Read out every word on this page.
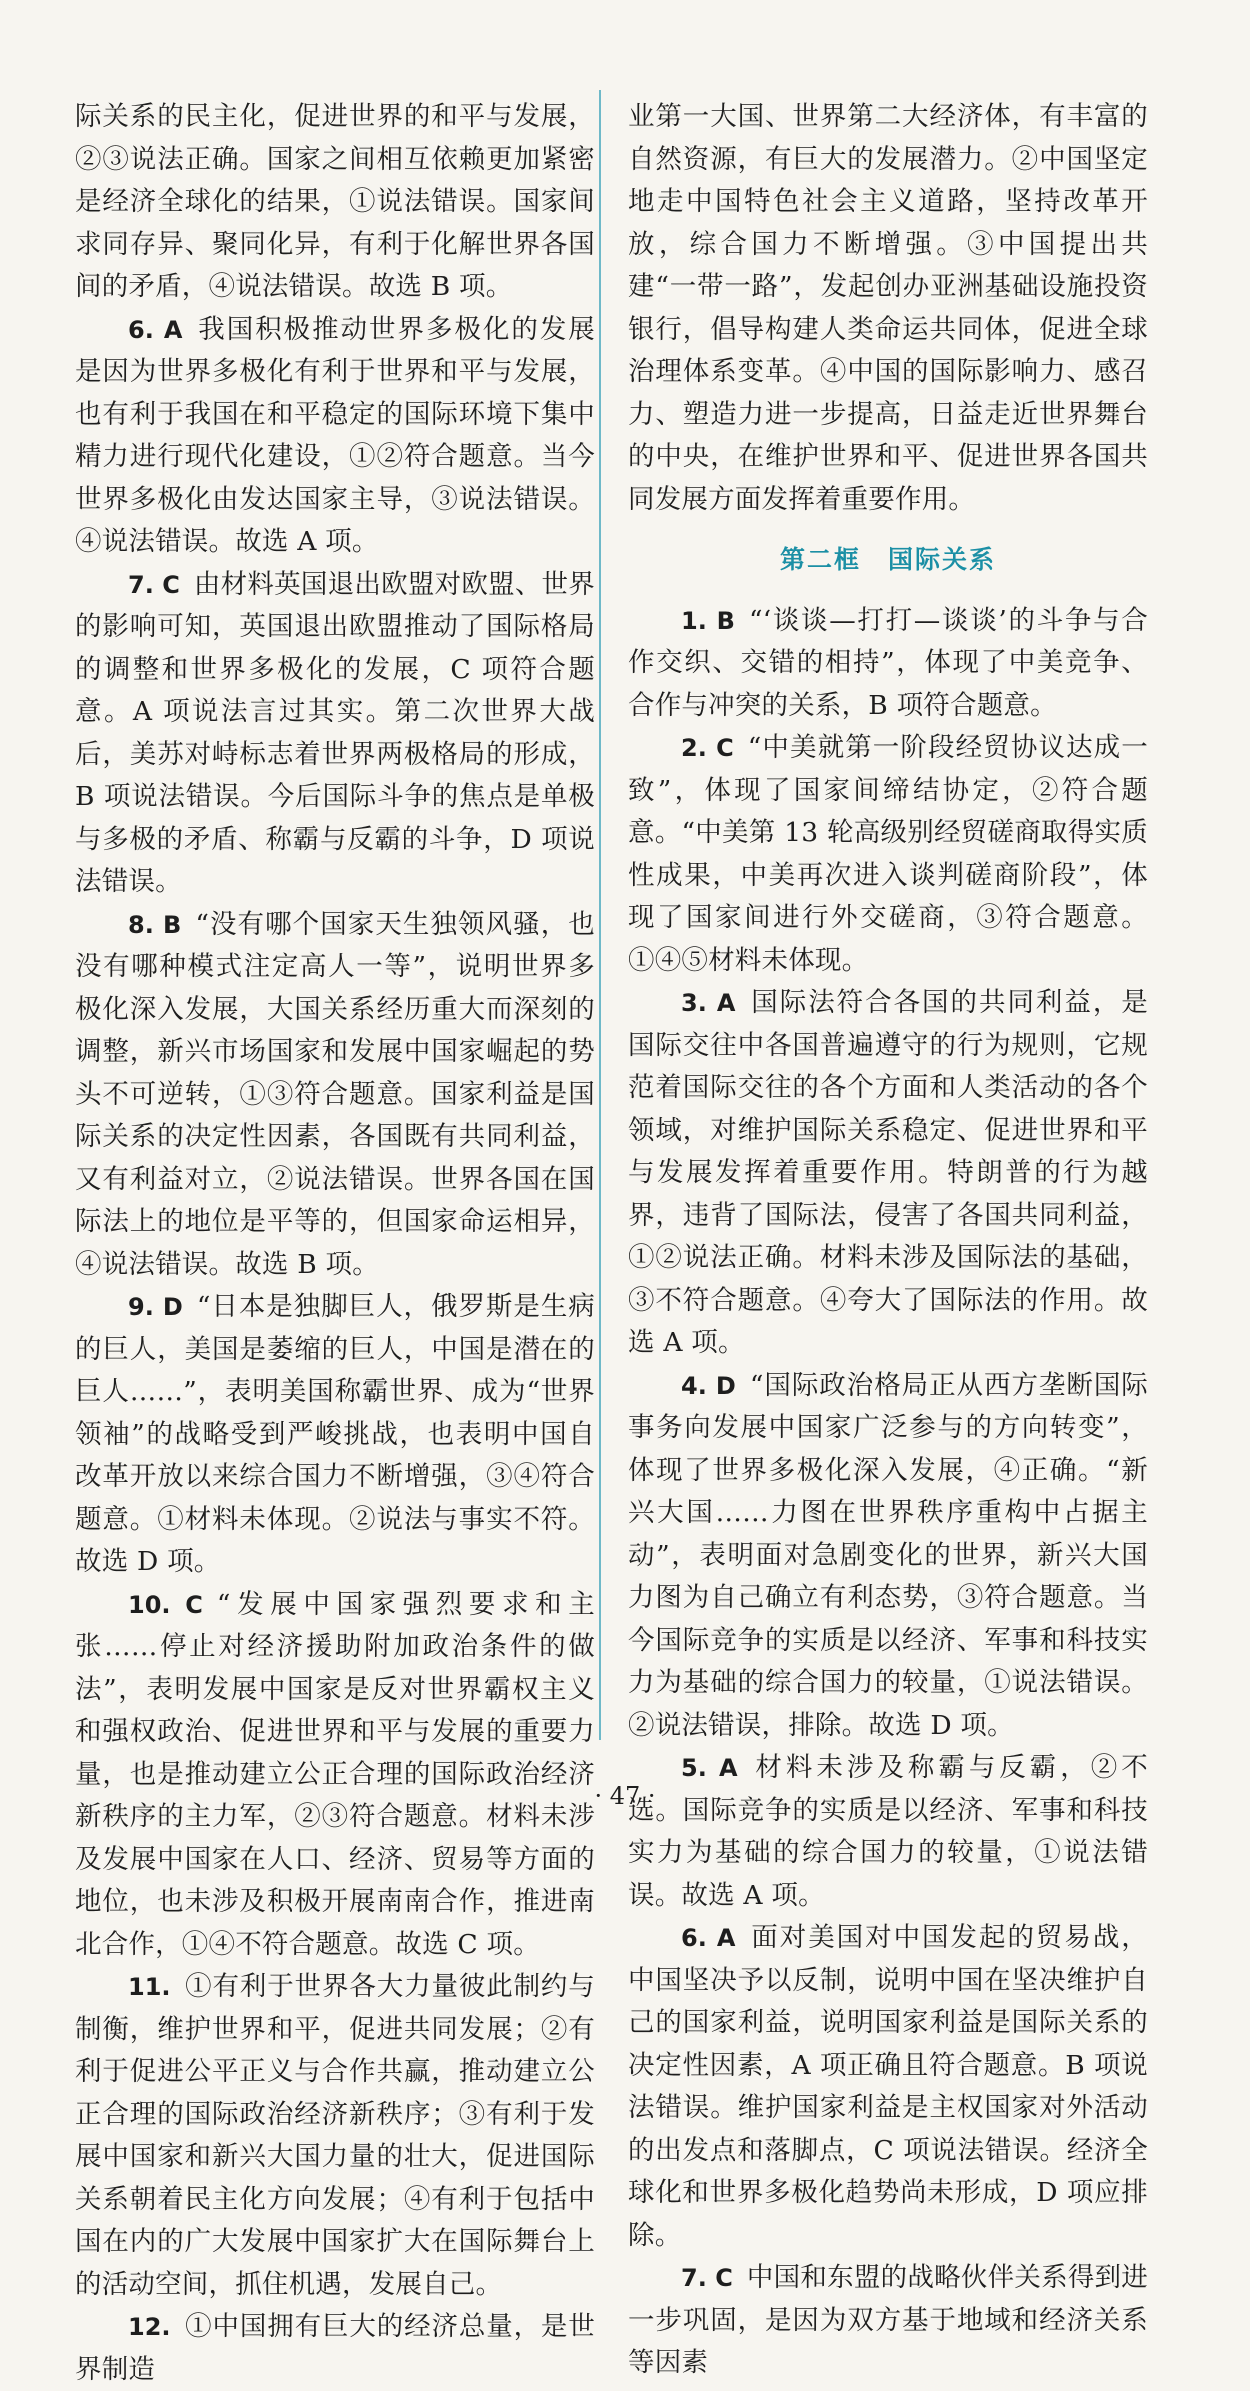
际关系的民主化，促进世界的和平与发展，②③说法正确。国家之间相互依赖更加紧密是经济全球化的结果，①说法错误。国家间求同存异、聚同化异，有利于化解世界各国间的矛盾，④说法错误。故选 B 项。

6. A 我国积极推动世界多极化的发展是因为世界多极化有利于世界和平与发展，也有利于我国在和平稳定的国际环境下集中精力进行现代化建设，①②符合题意。当今世界多极化由发达国家主导，③说法错误。④说法错误。故选 A 项。

7. C 由材料英国退出欧盟对欧盟、世界的影响可知，英国退出欧盟推动了国际格局的调整和世界多极化的发展，C 项符合题意。A 项说法言过其实。第二次世界大战后，美苏对峙标志着世界两极格局的形成，B 项说法错误。今后国际斗争的焦点是单极与多极的矛盾、称霸与反霸的斗争，D 项说法错误。

8. B “没有哪个国家天生独领风骚，也没有哪种模式注定高人一等”，说明世界多极化深入发展，大国关系经历重大而深刻的调整，新兴市场国家和发展中国家崛起的势头不可逆转，①③符合题意。国家利益是国际关系的决定性因素，各国既有共同利益，又有利益对立，②说法错误。世界各国在国际法上的地位是平等的，但国家命运相异，④说法错误。故选 B 项。

9. D “日本是独脚巨人，俄罗斯是生病的巨人，美国是萎缩的巨人，中国是潜在的巨人……”，表明美国称霸世界、成为“世界领袖”的战略受到严峻挑战，也表明中国自改革开放以来综合国力不断增强，③④符合题意。①材料未体现。②说法与事实不符。故选 D 项。

10. C “发展中国家强烈要求和主张……停止对经济援助附加政治条件的做法”，表明发展中国家是反对世界霸权主义和强权政治、促进世界和平与发展的重要力量，也是推动建立公正合理的国际政治经济新秩序的主力军，②③符合题意。材料未涉及发展中国家在人口、经济、贸易等方面的地位，也未涉及积极开展南南合作，推进南北合作，①④不符合题意。故选 C 项。

11. ①有利于世界各大力量彼此制约与制衡，维护世界和平，促进共同发展；②有利于促进公平正义与合作共赢，推动建立公正合理的国际政治经济新秩序；③有利于发展中国家和新兴大国力量的壮大，促进国际关系朝着民主化方向发展；④有利于包括中国在内的广大发展中国家扩大在国际舞台上的活动空间，抓住机遇，发展自己。

12. ①中国拥有巨大的经济总量，是世界制造

业第一大国、世界第二大经济体，有丰富的自然资源，有巨大的发展潜力。②中国坚定地走中国特色社会主义道路，坚持改革开放，综合国力不断增强。③中国提出共建“一带一路”，发起创办亚洲基础设施投资银行，倡导构建人类命运共同体，促进全球治理体系变革。④中国的国际影响力、感召力、塑造力进一步提高，日益走近世界舞台的中央，在维护世界和平、促进世界各国共同发展方面发挥着重要作用。

第二框　国际关系

1. B “‘谈谈—打打—谈谈’的斗争与合作交织、交错的相持”，体现了中美竞争、合作与冲突的关系，B 项符合题意。

2. C “中美就第一阶段经贸协议达成一致”，体现了国家间缔结协定，②符合题意。“中美第 13 轮高级别经贸磋商取得实质性成果，中美再次进入谈判磋商阶段”，体现了国家间进行外交磋商，③符合题意。①④⑤材料未体现。

3. A 国际法符合各国的共同利益，是国际交往中各国普遍遵守的行为规则，它规范着国际交往的各个方面和人类活动的各个领域，对维护国际关系稳定、促进世界和平与发展发挥着重要作用。特朗普的行为越界，违背了国际法，侵害了各国共同利益，①②说法正确。材料未涉及国际法的基础，③不符合题意。④夸大了国际法的作用。故选 A 项。

4. D “国际政治格局正从西方垄断国际事务向发展中国家广泛参与的方向转变”，体现了世界多极化深入发展，④正确。“新兴大国……力图在世界秩序重构中占据主动”，表明面对急剧变化的世界，新兴大国力图为自己确立有利态势，③符合题意。当今国际竞争的实质是以经济、军事和科技实力为基础的综合国力的较量，①说法错误。②说法错误，排除。故选 D 项。

5. A 材料未涉及称霸与反霸，②不选。国际竞争的实质是以经济、军事和科技实力为基础的综合国力的较量，①说法错误。故选 A 项。

6. A 面对美国对中国发起的贸易战，中国坚决予以反制，说明中国在坚决维护自己的国家利益，说明国家利益是国际关系的决定性因素，A 项正确且符合题意。B 项说法错误。维护国家利益是主权国家对外活动的出发点和落脚点，C 项说法错误。经济全球化和世界多极化趋势尚未形成，D 项应排除。

7. C 中国和东盟的战略伙伴关系得到进一步巩固，是因为双方基于地域和经济关系等因素

· 47 ·
